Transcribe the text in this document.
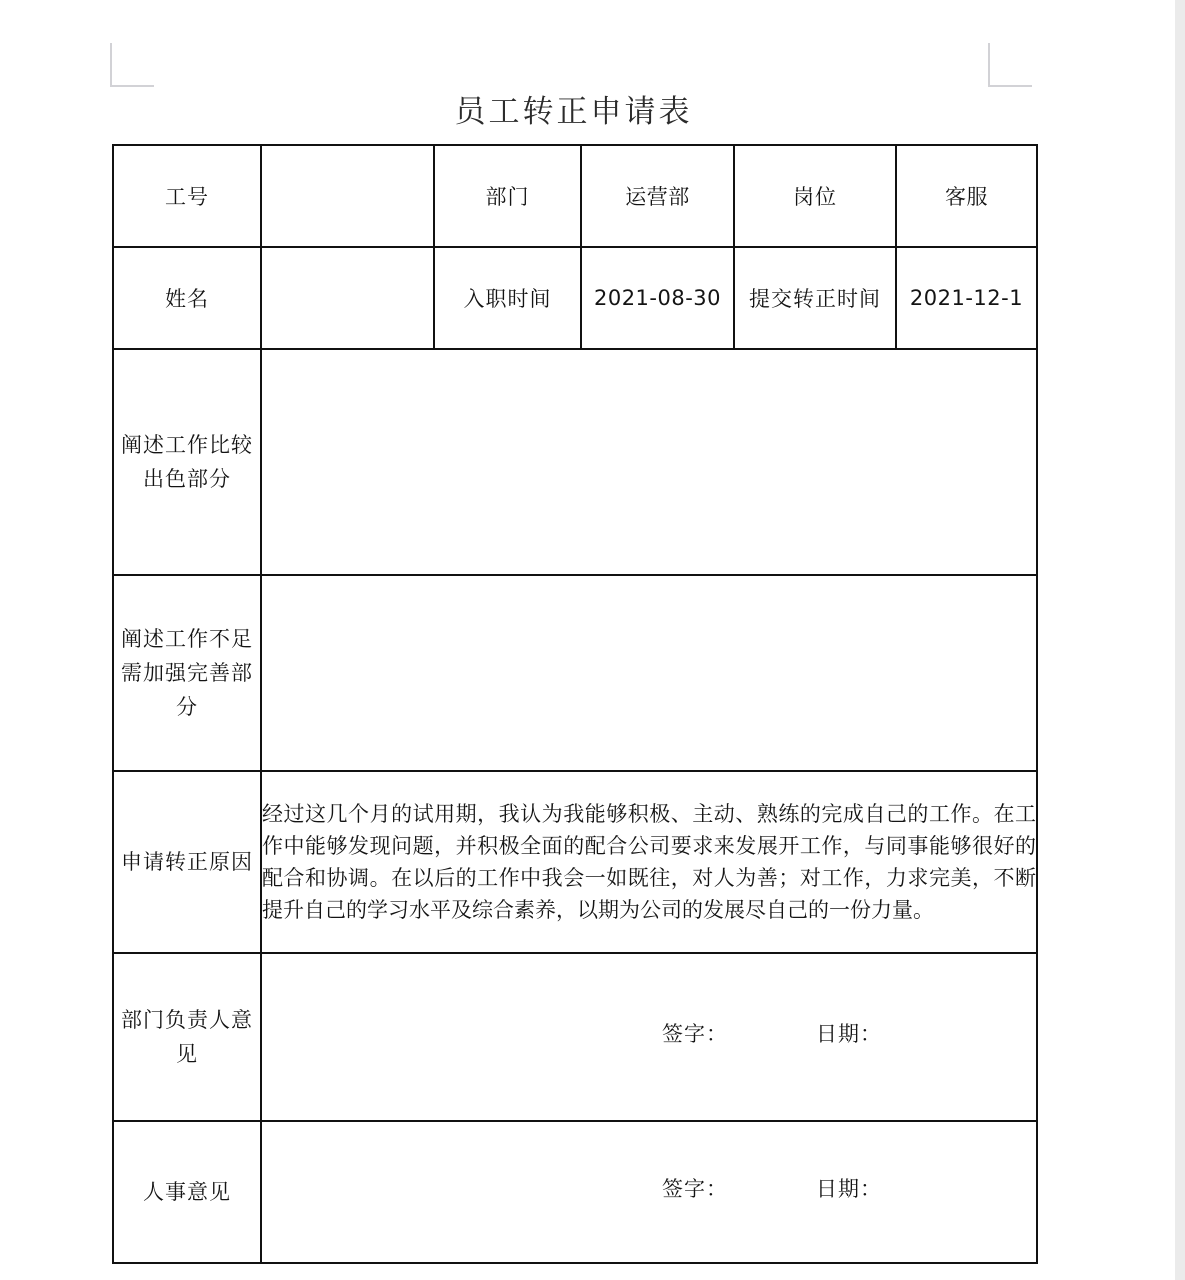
员工转正申请表
工号		部门	运营部	岗位	客服
姓名		入职时间	2021-08-30	提交转正时间	2021-12-1
阐述工作比较出色部分					
阐述工作不足需加强完善部分					
申请转正原因	经过这几个月的试用期，我认为我能够积极、主动、熟练的完成自己的工作。在工作中能够发现问题，并积极全面的配合公司要求来发展开工作，与同事能够很好的配合和协调。在以后的工作中我会一如既往，对人为善；对工作，力求完美，不断提升自己的学习水平及综合素养，以期为公司的发展尽自己的一份力量。				
部门负责人意见	签字： 日期：				

人事意见	签字： 日期：				
